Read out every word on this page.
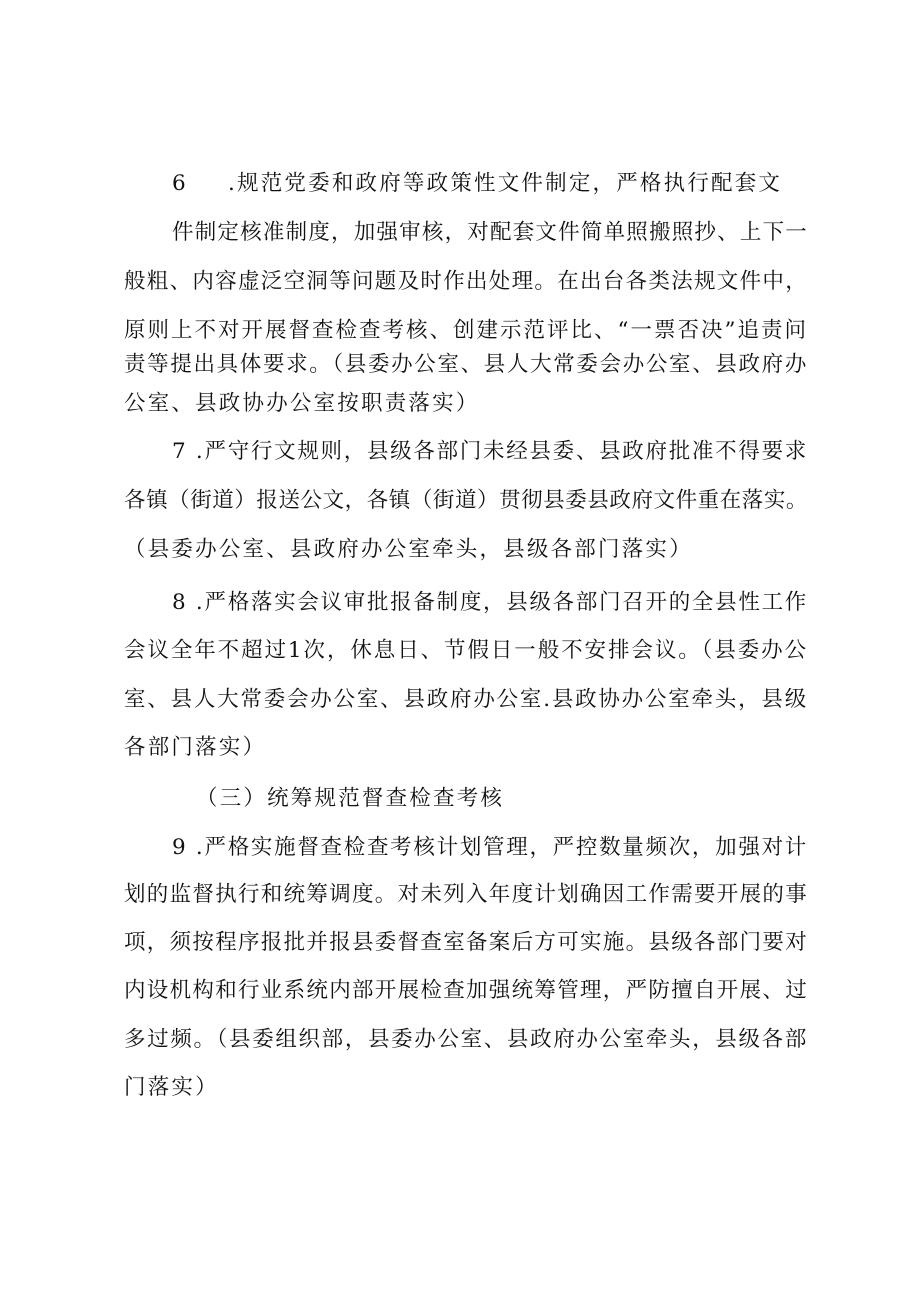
6 .规范党委和政府等政策性文件制定，严格执行配套文

件制定核准制度，加强审核，对配套文件简单照搬照抄、上下一

般粗、内容虚泛空洞等问题及时作出处理。在出台各类法规文件中，

原则上不对开展督查检查考核、创建示范评比、“一票否决”追责问

责等提出具体要求。（县委办公室、县人大常委会办公室、县政府办

公室、县政协办公室按职责落实）

7 .严守行文规则，县级各部门未经县委、县政府批准不得要求

各镇（街道）报送公文，各镇（街道）贯彻县委县政府文件重在落实。

（县委办公室、县政府办公室牵头，县级各部门落实）

8 .严格落实会议审批报备制度，县级各部门召开的全县性工作

会议全年不超过1次，休息日、节假日一般不安排会议。（县委办公

室、县人大常委会办公室、县政府办公室.县政协办公室牵头，县级

各部门落实）

（三）统筹规范督查检查考核

9 .严格实施督查检查考核计划管理，严控数量频次，加强对计

划的监督执行和统筹调度。对未列入年度计划确因工作需要开展的事

项，须按程序报批并报县委督查室备案后方可实施。县级各部门要对

内设机构和行业系统内部开展检查加强统筹管理，严防擅自开展、过

多过频。（县委组织部，县委办公室、县政府办公室牵头，县级各部

门落实）
